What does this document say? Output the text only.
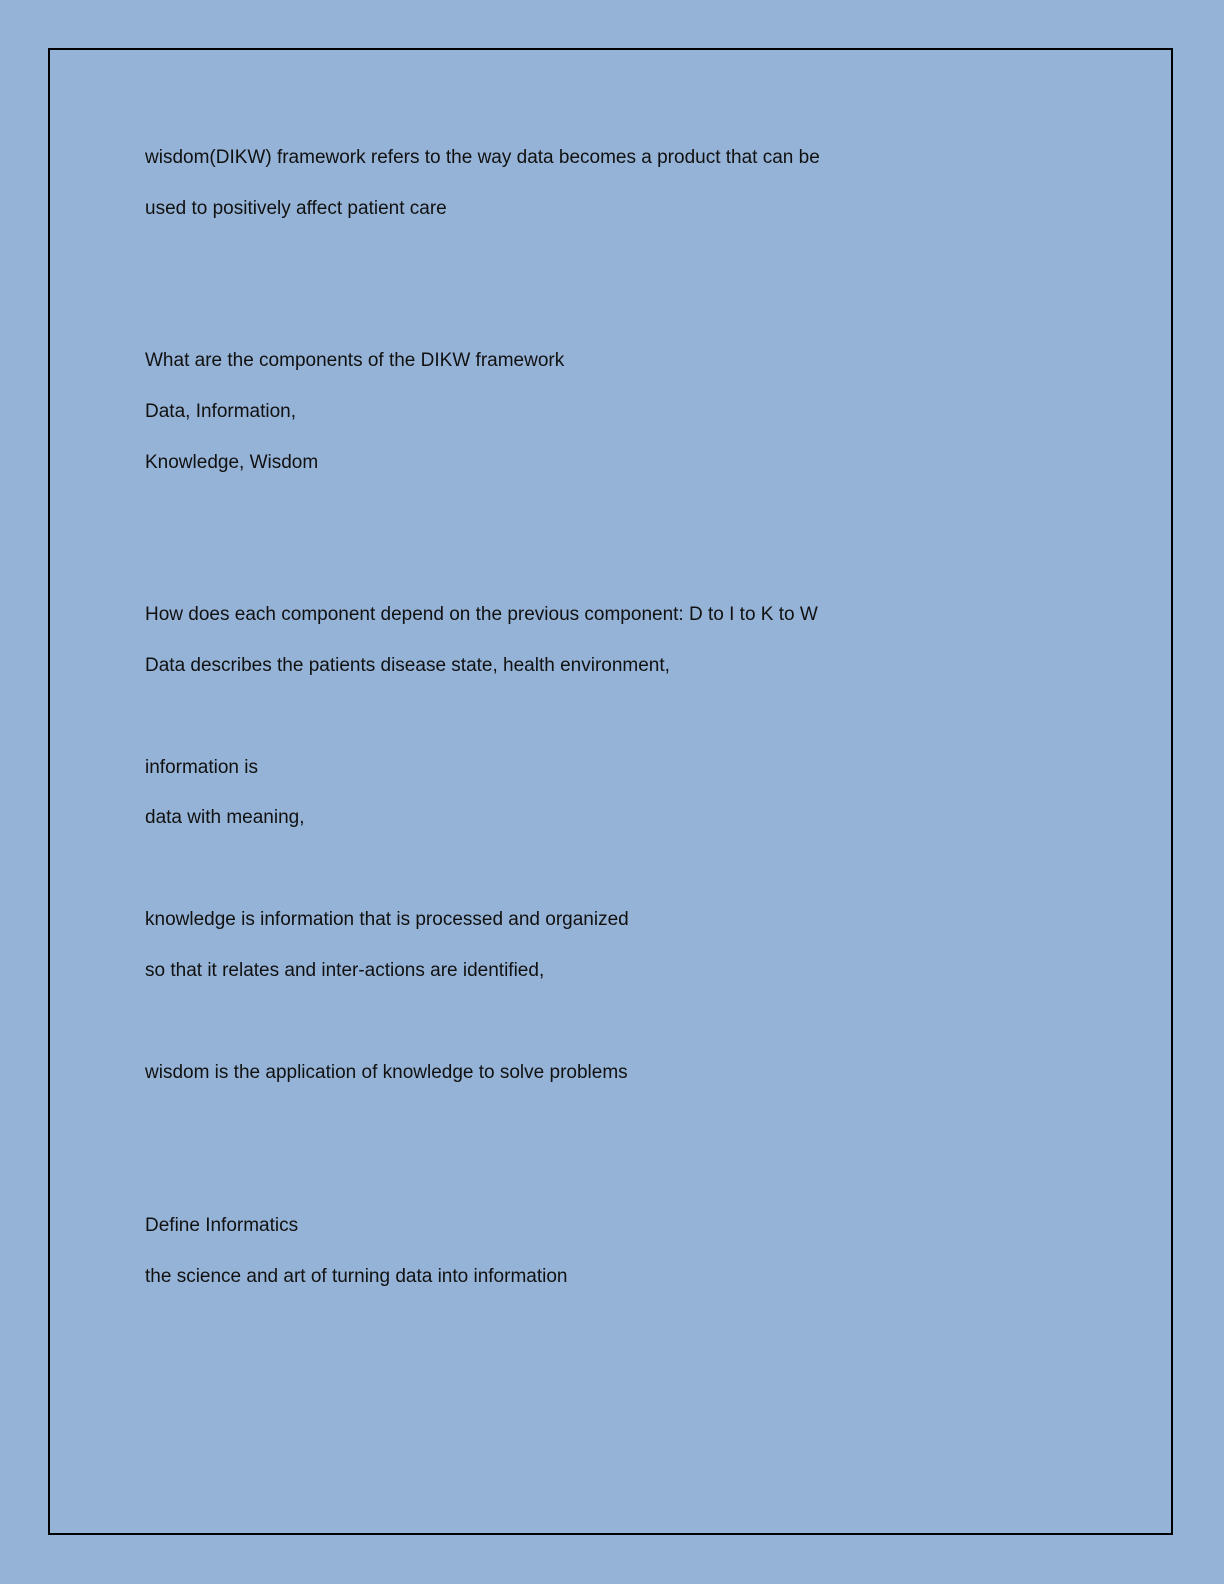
wisdom(DIKW) framework refers to the way data becomes a product that can be
used to positively affect patient care
What are the components of the DIKW framework
Data, Information,
Knowledge, Wisdom
How does each component depend on the previous component: D to I to K to W
Data describes the patients disease state, health environment,
information is
data with meaning,
knowledge is information that is processed and organized
so that it relates and inter-actions are identified,
wisdom is the application of knowledge to solve problems
Define Informatics
the science and art of turning data into information
